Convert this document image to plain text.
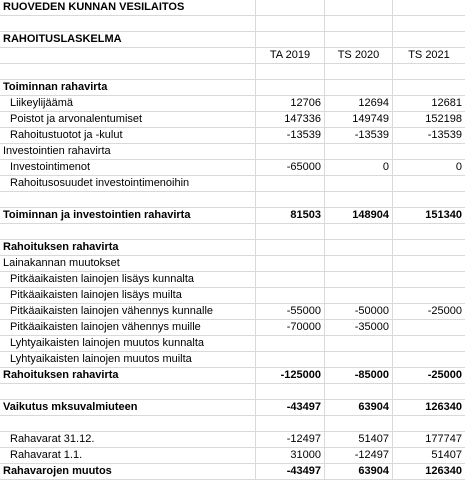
RUOVEDEN KUNNAN VESILAITOS
RAHOITUSLASKELMA
TA 2019	TS 2020	TS 2021
Toiminnan rahavirta
Liikeylijäämä	12706	12694	12681
Poistot ja arvonalentumiset	147336	149749	152198
Rahoitustuotot ja -kulut	-13539	-13539	-13539
Investointien rahavirta
Investointimenot	-65000	0	0
Rahoitusosuudet investointimenoihin
Toiminnan ja investointien rahavirta	81503	148904	151340
Rahoituksen rahavirta
Lainakannan muutokset
Pitkäaikaisten lainojen lisäys kunnalta
Pitkäaikaisten lainojen lisäys muilta
Pitkäaikaisten lainojen vähennys kunnalle	-55000	-50000	-25000
Pitkäaikaisten lainojen vähennys muille	-70000	-35000
Lyhtyaikaisten lainojen muutos kunnalta
Lyhtyaikaisten lainojen muutos muilta
Rahoituksen rahavirta	-125000	-85000	-25000
Vaikutus mksuvalmiuteen	-43497	63904	126340
Rahavarat 31.12.	-12497	51407	177747
Rahavarat 1.1.	31000	-12497	51407
Rahavarojen muutos	-43497	63904	126340
